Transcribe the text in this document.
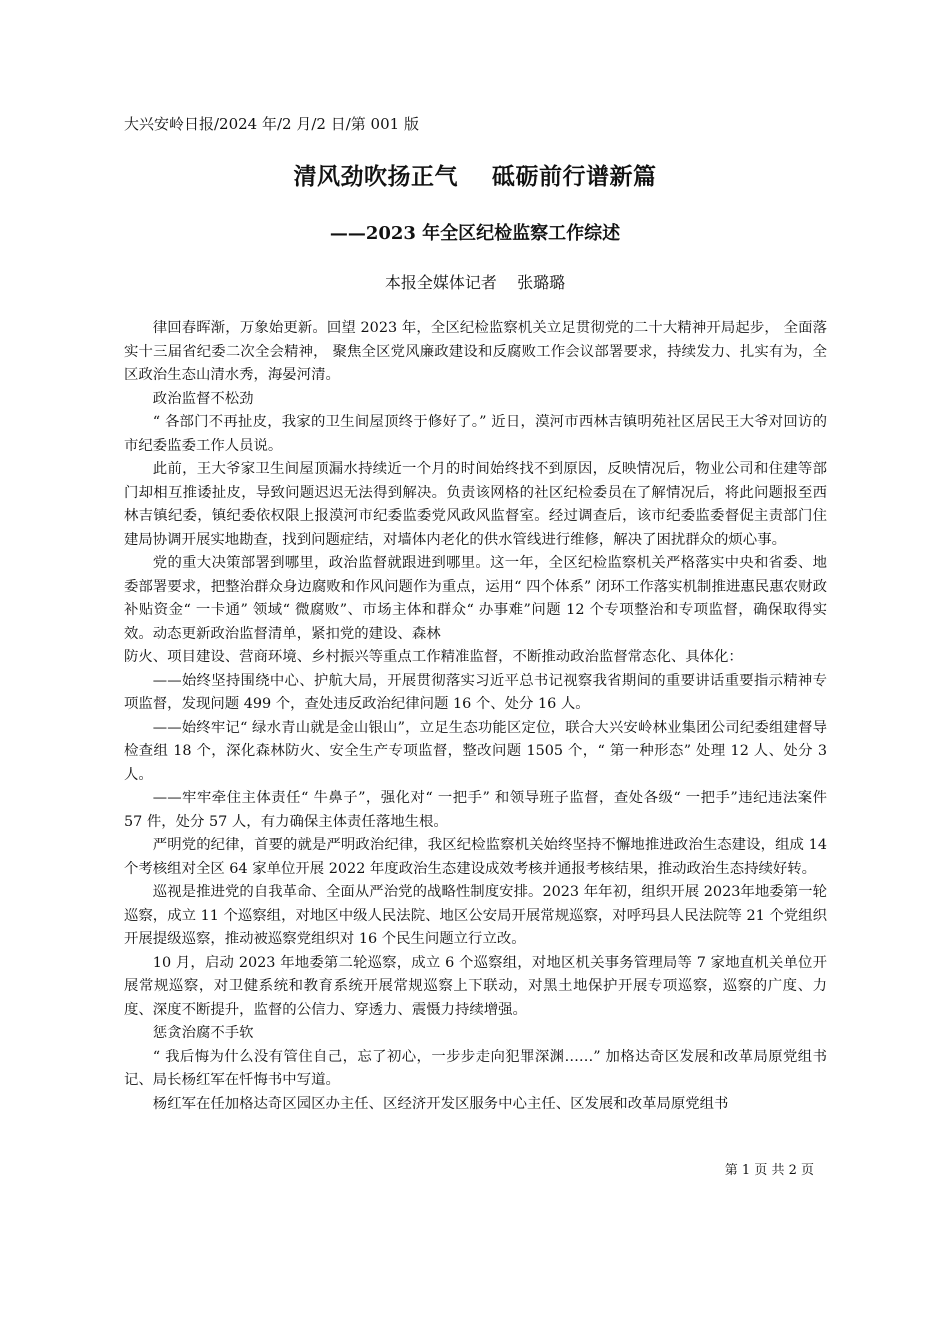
大兴安岭日报/2024 年/2 月/2 日/第 001 版
清风劲吹扬正气    砥砺前行谱新篇
——2023 年全区纪检监察工作综述
本报全媒体记者    张璐璐

律回春晖渐，万象始更新。回望 2023 年，全区纪检监察机关立足贯彻党的二十大精神开局起步， 全面落实十三届省纪委二次全会精神， 聚焦全区党风廉政建设和反腐败工作会议部署要求，持续发力、扎实有为，全区政治生态山清水秀，海晏河清。

政治监督不松劲

“ 各部门不再扯皮，我家的卫生间屋顶终于修好了。” 近日，漠河市西林吉镇明苑社区居民王大爷对回访的市纪委监委工作人员说。

此前，王大爷家卫生间屋顶漏水持续近一个月的时间始终找不到原因，反映情况后，物业公司和住建等部门却相互推诿扯皮，导致问题迟迟无法得到解决。负责该网格的社区纪检委员在了解情况后，将此问题报至西林吉镇纪委，镇纪委依权限上报漠河市纪委监委党风政风监督室。经过调查后，该市纪委监委督促主责部门住建局协调开展实地勘查，找到问题症结，对墙体内老化的供水管线进行维修，解决了困扰群众的烦心事。

党的重大决策部署到哪里，政治监督就跟进到哪里。这一年，全区纪检监察机关严格落实中央和省委、地委部署要求，把整治群众身边腐败和作风问题作为重点，运用“ 四个体系” 闭环工作落实机制推进惠民惠农财政补贴资金“ 一卡通” 领域“ 微腐败”、市场主体和群众“ 办事难”问题 12 个专项整治和专项监督，确保取得实效。动态更新政治监督清单，紧扣党的建设、森林

防火、项目建设、营商环境、乡村振兴等重点工作精准监督，不断推动政治监督常态化、具体化：

——始终坚持围绕中心、护航大局，开展贯彻落实习近平总书记视察我省期间的重要讲话重要指示精神专项监督，发现问题 499 个，查处违反政治纪律问题 16 个、处分 16 人。

——始终牢记“ 绿水青山就是金山银山”，立足生态功能区定位，联合大兴安岭林业集团公司纪委组建督导检查组 18 个，深化森林防火、安全生产专项监督，整改问题 1505 个，“ 第一种形态” 处理 12 人、处分 3 人。

——牢牢牵住主体责任“ 牛鼻子”，强化对“ 一把手” 和领导班子监督，查处各级“ 一把手”违纪违法案件 57 件，处分 57 人，有力确保主体责任落地生根。

严明党的纪律，首要的就是严明政治纪律，我区纪检监察机关始终坚持不懈地推进政治生态建设，组成 14 个考核组对全区 64 家单位开展 2022 年度政治生态建设成效考核并通报考核结果，推动政治生态持续好转。

巡视是推进党的自我革命、全面从严治党的战略性制度安排。2023 年年初，组织开展 2023年地委第一轮巡察，成立 11 个巡察组，对地区中级人民法院、地区公安局开展常规巡察，对呼玛县人民法院等 21 个党组织开展提级巡察，推动被巡察党组织对 16 个民生问题立行立改。

10 月，启动 2023 年地委第二轮巡察，成立 6 个巡察组，对地区机关事务管理局等 7 家地直机关单位开展常规巡察，对卫健系统和教育系统开展常规巡察上下联动，对黑土地保护开展专项巡察，巡察的广度、力度、深度不断提升，监督的公信力、穿透力、震慑力持续增强。

惩贪治腐不手软

“ 我后悔为什么没有管住自己，忘了初心，一步步走向犯罪深渊……” 加格达奇区发展和改革局原党组书记、局长杨红军在忏悔书中写道。

杨红军在任加格达奇区园区办主任、区经济开发区服务中心主任、区发展和改革局原党组书

第 1 页 共 2 页
